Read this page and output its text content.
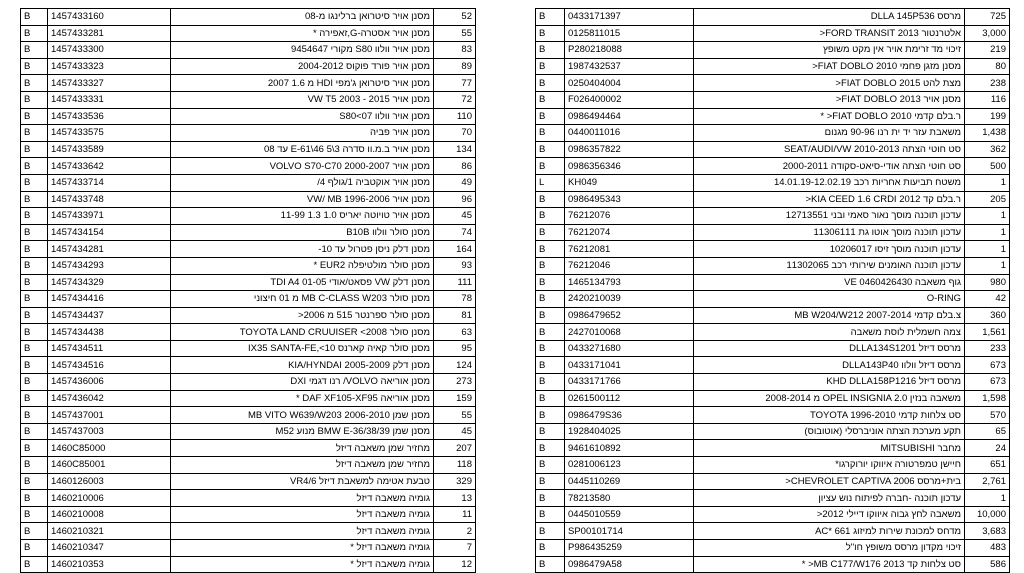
B	1457433160	מסנן אויר סיטרואן ברלינגו מ-08	52
B	1457433281	מסנן אויר אסטרה-G,זאפירה *	55
B	1457433300	מסנן אויר וולוו S80 מקורי 9454647	83
B	1457433323	מסנן אויר פורד פוקוס 2004-2012	89
B	1457433327	מסנן אויר סיטרואן ג'מפי HDI מ 1.6 2007	77
B	1457433331	מסנן אויר VW T5 2003 - 2015	72
B	1457433536	מסנן אויר וולוו S80<07	110
B	1457433575	מסנן אויר פביה	70
B	1457433589	מסנן אויר ב.מ.וו סדרה 3\5 E-61\46 עד 08	134
B	1457433642	מסנן אויר VOLVO S70-C70 2000-2007	86
B	1457433714	מסנן אויר אוקטביה 1/גולף 4/	49
B	1457433748	מסנן אויר VW/ MB 1996-2006	96
B	1457433971	מסנן אויר טויוטה יאריס 1.0 1.3 11-99	45
B	1457434154	מסנן סולר וולוו B10B	74
B	1457434281	מסנן דלק ניסן פטרול עד 10-	164
B	1457434293	מסנן סולר מולטיפלה EUR2 *	93
B	1457434329	מסנן דלק VW פסאט/אודי TDI A4 01-05	111
B	1457434416	מסנן סולר MB C-CLASS W203 מ 01 חיצוני	78
B	1457434437	מסנן סולר ספרנטר 515 מ 2006<	81
B	1457434438	מסנן סולר TOYOTA LAND CRUUISER <2008	63
B	1457434511	מסנן סולר קאיה קארנס IX35 SANTA-FE,<10	95
B	1457434516	מסנן דלק KIA/HYNDAI 2005-2009	124
B	1457436006	מסנן אוריאה VOLVO/ רנו דגמי DXI	273
B	1457436042	מסנן אוריאה DAF XF105-XF95 *	159
B	1457437001	מסנן שמן MB VITO W639/W203 2006-2010	55
B	1457437003	מסנן שמן BMW E-36/38/39 מנוע M52	45
B	1460C85000	מחזיר שמן משאבה דיזל	207
B	1460C85001	מחזיר שמן משאבה דיזל	118
B	1460126003	טבעת אטימה למשאבת דיזל VR4/6	329
B	1460210006	גומיה משאבה דיזל	13
B	1460210008	גומיה משאבה דיזל	11
B	1460210321	גומיה משאבה דיזל	2
B	1460210347	גומיה משאבה דיזל *	7
B	1460210353	גומיה משאבה דיזל *	12
B	0433171397	מרסס DLLA 145P536	725
B	0125811015	אלטרנטור FORD TRANSIT 2013<	3,000
B	P280218088	זיכוי מד זרימת אויר אין מקט משופץ	219
B	1987432537	מסנן מזגן פחמי FIAT DOBLO 2010<	80
B	0250404004	מצת להט FIAT DOBLO 2015<	238
B	F026400002	מסנן אויר FIAT DOBLO 2013<	116
B	0986494464	ר.בלם קדמי FIAT DOBLO 2010< *	199
B	0440011016	משאבת עזר יד ית רנו 90-96 מגנום	1,438
B	0986357822	סט חוטי הצתה SEAT/AUDI/VW 2010-2013	362
B	0986356346	סט חוטי הצתה אודי-סיאט-סקודה 2000-2011	500
L	KH049	משטח תביעות אחריות רכב 14.01.19-12.02.19	1
B	0986495343	ר.בלם קד KIA CEED 1.6 CRDI 2012<	205
B	76212076	עדכון תוכנה מוסך נאור סאמי ובני 12713551	1
B	76212074	עדכון תוכנה מוסך אוטו גת 11306111	1
B	76212081	עדכון תוכנה מוסך זיסו 10206017	1
B	76212046	עדכון תוכנה האומנים שירותי רכב 11302065	1
B	1465134793	גוף משאבה VE 0460426430	980
B	2420210039	O-RING	42
B	0986479652	צ.בלם קדמי MB W204/W212 2007-2014	360
B	2427010068	צמה חשמלית לוסת משאבה	1,561
B	0433271680	מרסס דיזל DLLA134S1201	233
B	0433171041	מרסס דיזל וולוו DLLA143P40	673
B	0433171766	מרסס דיזל KHD DLLA158P1216	673
B	0261500112	משאבה בנזין OPEL INSIGNIA 2.0 מ 2008-2014	1,598
B	0986479S36	סט צלחות קדמי TOYOTA 1996-2010	570
B	1928404025	תקע מערכת הצתה אוניברסלי (אוטובוס)	65
B	9461610892	מחבר MITSUBISHI	24
B	0281006123	חיישן טמפרטורה איווקו יורוקרגו*	651
B	0445110269	בית+מרסס CHEVROLET CAPTIVA 2006<	2,761
B	78213580	עדכון תוכנה -חברה לפיתוח נוש עציון	1
B	0445010559	משאבה לחץ גבוה איווקו דיילי 2012<	10,000
B	SP00101714	מדחס למכונת שירות למיזוג AC* 661	3,683
B	P986435259	זיכוי מקדון מרסס משופץ חו"ל	483
B	0986479A58	סט צלחות קד MB C177/W176 2013< *	586
